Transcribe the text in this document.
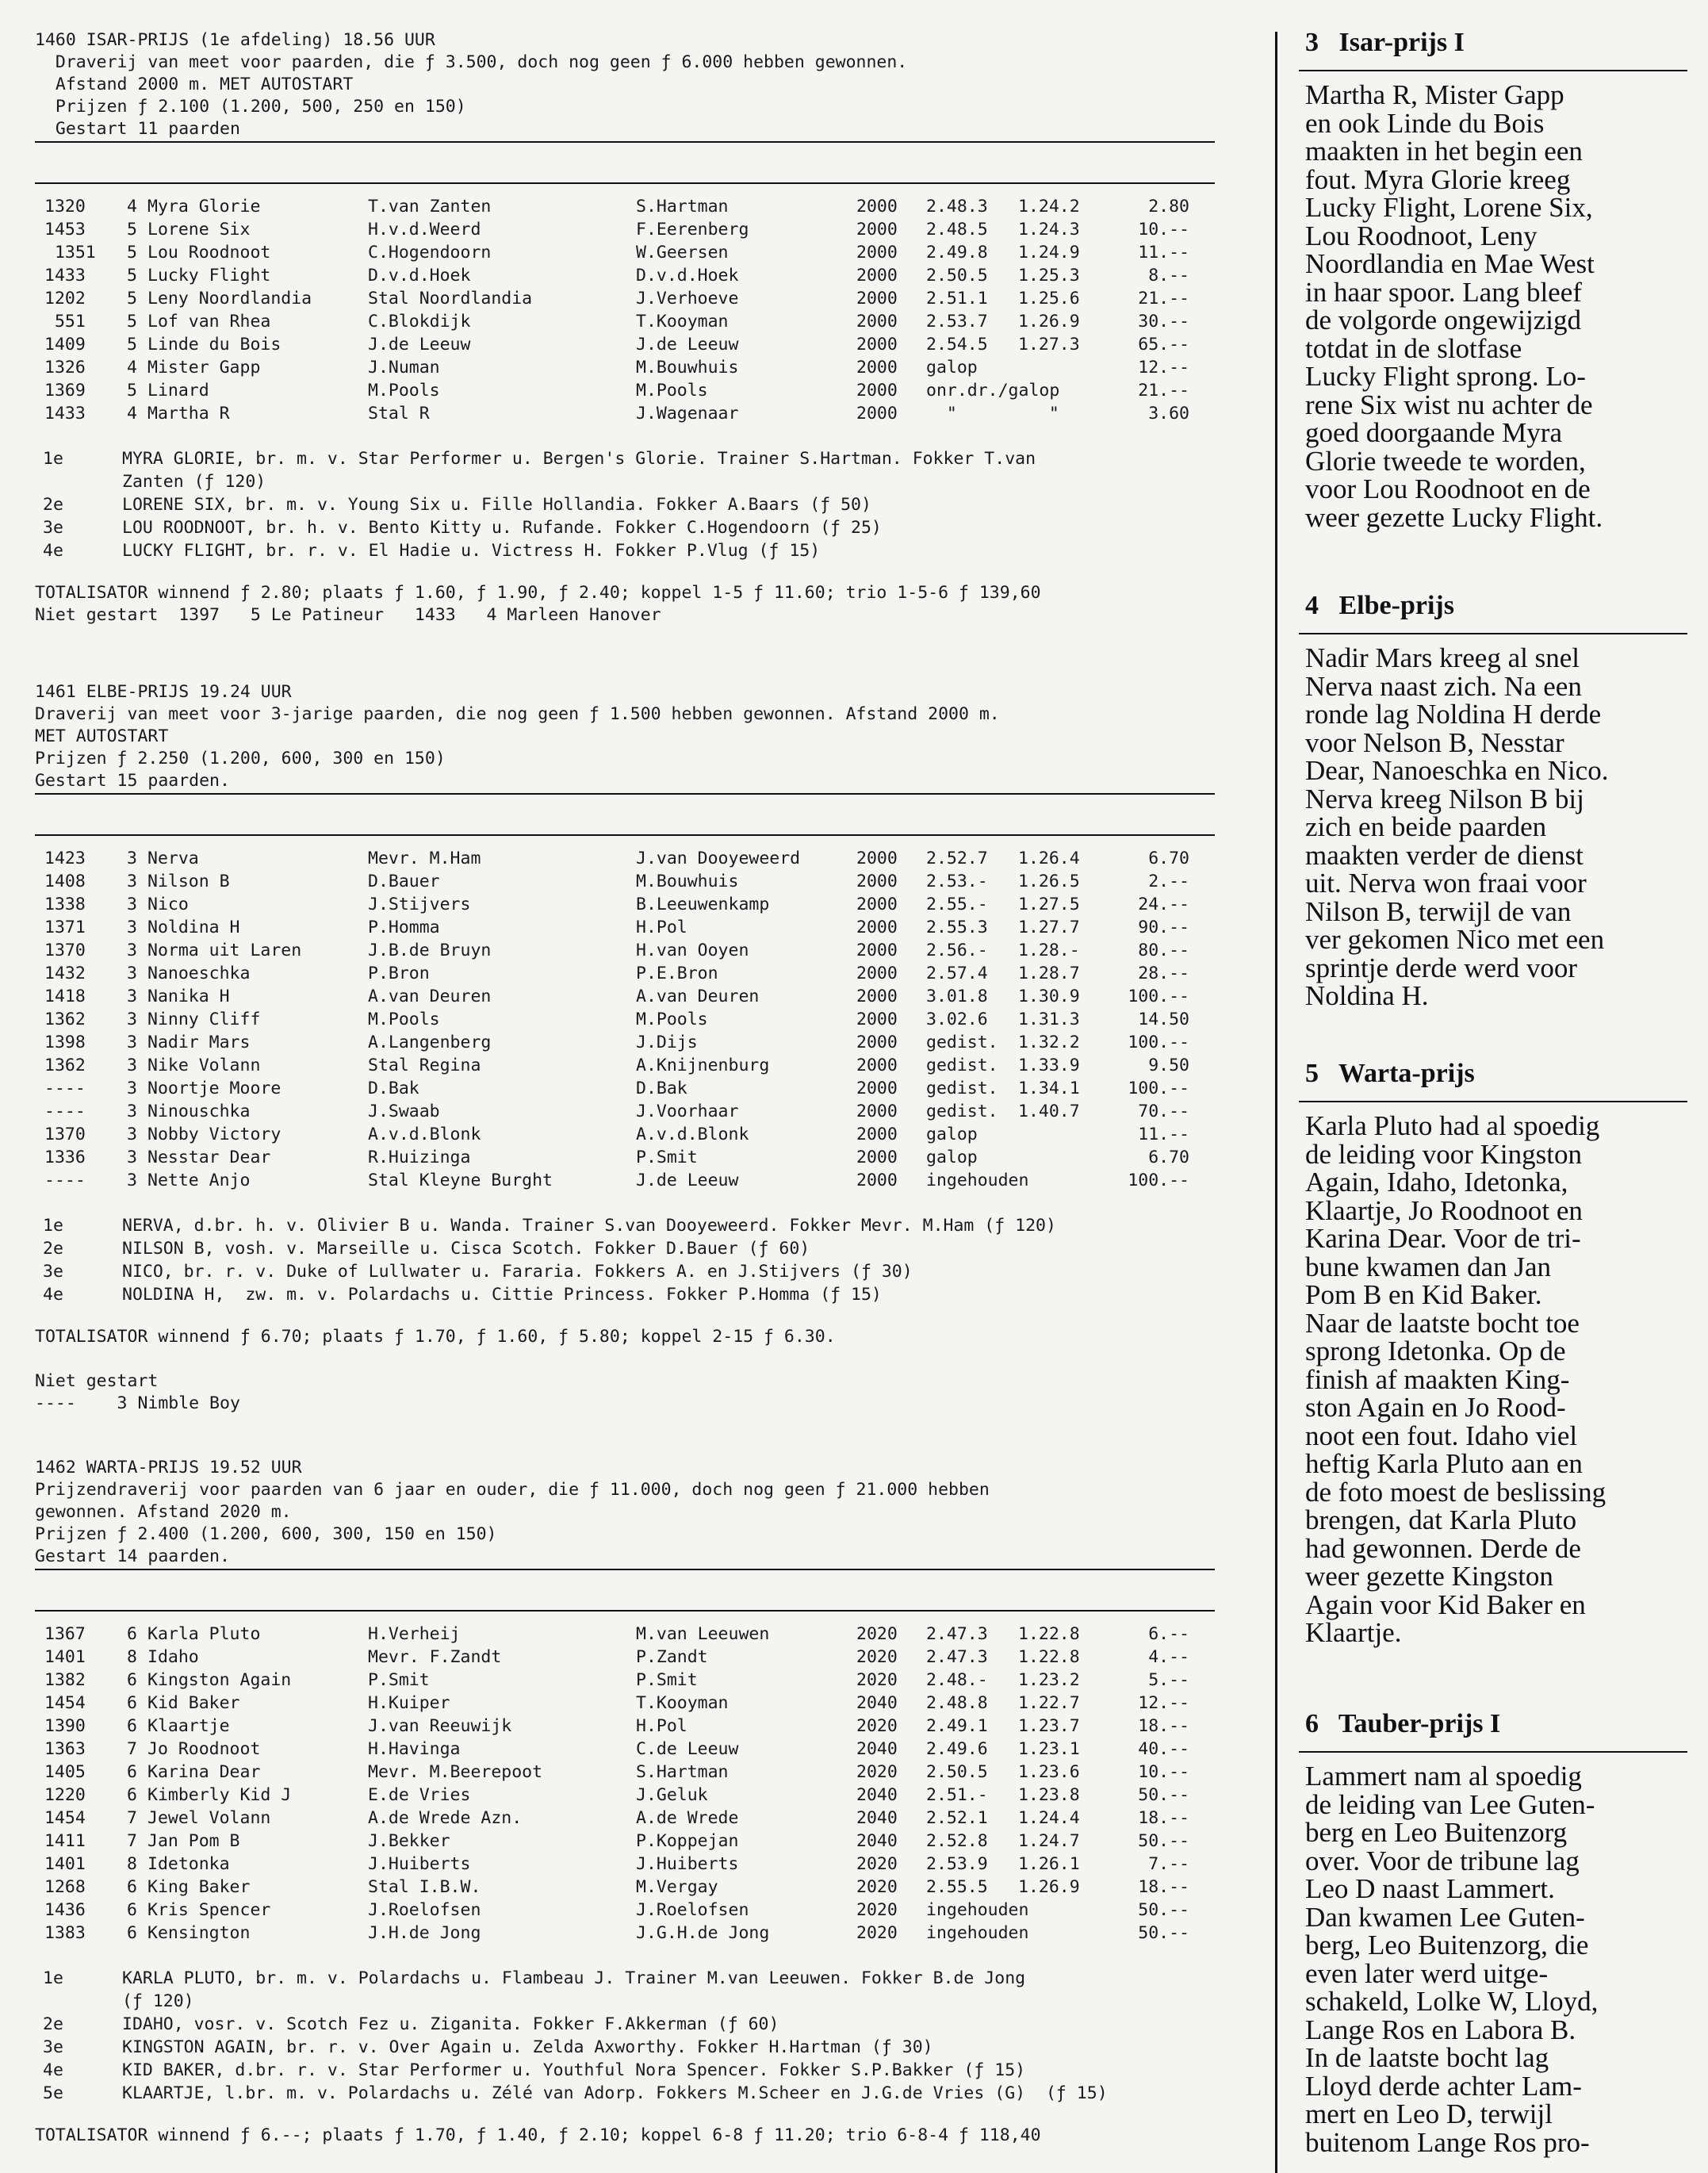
1460 ISAR-PRIJS (1e afdeling) 18.56 UUR
Draverij van meet voor paarden, die ƒ 3.500, doch nog geen ƒ 6.000 hebben gewonnen.
Afstand 2000 m. MET AUTOSTART
Prijzen ƒ 2.100 (1.200, 500, 250 en 150)
Gestart 11 paarden
1320 4 Myra Glorie	T.van Zanten	S.Hartman	2000 2.48.3 1.24.2	2.80
1453 5 Lorene Six	H.v.d.Weerd	F.Eerenberg	2000 2.48.5 1.24.3	10.--
1351 5 Lou Roodnoot	C.Hogendoorn	W.Geersen	2000 2.49.8 1.24.9	11.--
1433 5 Lucky Flight	D.v.d.Hoek	D.v.d.Hoek	2000 2.50.5 1.25.3	8.--
1202 5 Leny Noordlandia	Stal Noordlandia	J.Verhoeve	2000 2.51.1 1.25.6	21.--
551 5 Lof van Rhea	C.Blokdijk	T.Kooyman	2000 2.53.7 1.26.9	30.--
1409 5 Linde du Bois	J.de Leeuw	J.de Leeuw	2000 2.54.5 1.27.3	65.--
1326 4 Mister Gapp	J.Numan	M.Bouwhuis	2000 galop	12.--
1369 5 Linard	M.Pools	M.Pools	2000 onr.dr./galop	21.--
1433 4 Martha R	Stal R	J.Wagenaar	2000 "	"	3.60
1e	MYRA GLORIE, br. m. v. Star Performer u. Bergen's Glorie. Trainer S.Hartman. Fokker T.van
Zanten (ƒ 120)
2e	LORENE SIX, br. m. v. Young Six u. Fille Hollandia. Fokker A.Baars (ƒ 50)
3e	LOU ROODNOOT, br. h. v. Bento Kitty u. Rufande. Fokker C.Hogendoorn (ƒ 25)
4e	LUCKY FLIGHT, br. r. v. El Hadie u. Victress H. Fokker P.Vlug (ƒ 15)
TOTALISATOR winnend ƒ 2.80; plaats ƒ 1.60, ƒ 1.90, ƒ 2.40; koppel 1-5 ƒ 11.60; trio 1-5-6 ƒ 139,60
Niet gestart  1397   5 Le Patineur   1433   4 Marleen Hanover
1461 ELBE-PRIJS 19.24 UUR
Draverij van meet voor 3-jarige paarden, die nog geen ƒ 1.500 hebben gewonnen. Afstand 2000 m.
MET AUTOSTART
Prijzen ƒ 2.250 (1.200, 600, 300 en 150)
Gestart 15 paarden.
1423 3 Nerva	Mevr. M.Ham	J.van Dooyeweerd	2000 2.52.7 1.26.4	6.70
1408 3 Nilson B	D.Bauer	M.Bouwhuis	2000 2.53.- 1.26.5	2.--
1338 3 Nico	J.Stijvers	B.Leeuwenkamp	2000 2.55.- 1.27.5	24.--
1371 3 Noldina H	P.Homma	H.Pol	2000 2.55.3 1.27.7	90.--
1370 3 Norma uit Laren	J.B.de Bruyn	H.van Ooyen	2000 2.56.- 1.28.-	80.--
1432 3 Nanoeschka	P.Bron	P.E.Bron	2000 2.57.4 1.28.7	28.--
1418 3 Nanika H	A.van Deuren	A.van Deuren	2000 3.01.8 1.30.9	100.--
1362 3 Ninny Cliff	M.Pools	M.Pools	2000 3.02.6 1.31.3	14.50
1398 3 Nadir Mars	A.Langenberg	J.Dijs	2000 gedist. 1.32.2	100.--
1362 3 Nike Volann	Stal Regina	A.Knijnenburg	2000 gedist. 1.33.9	9.50
---- 3 Noortje Moore	D.Bak	D.Bak	2000 gedist. 1.34.1	100.--
---- 3 Ninouschka	J.Swaab	J.Voorhaar	2000 gedist. 1.40.7	70.--
1370 3 Nobby Victory	A.v.d.Blonk	A.v.d.Blonk	2000 galop	11.--
1336 3 Nesstar Dear	R.Huizinga	P.Smit	2000 galop	6.70
---- 3 Nette Anjo	Stal Kleyne Burght	J.de Leeuw	2000 ingehouden	100.--
1e	NERVA, d.br. h. v. Olivier B u. Wanda. Trainer S.van Dooyeweerd. Fokker Mevr. M.Ham (ƒ 120)
2e	NILSON B, vosh. v. Marseille u. Cisca Scotch. Fokker D.Bauer (ƒ 60)
3e	NICO, br. r. v. Duke of Lullwater u. Fararia. Fokkers A. en J.Stijvers (ƒ 30)
4e	NOLDINA H,  zw. m. v. Polardachs u. Cittie Princess. Fokker P.Homma (ƒ 15)
TOTALISATOR winnend ƒ 6.70; plaats ƒ 1.70, ƒ 1.60, ƒ 5.80; koppel 2-15 ƒ 6.30.
Niet gestart
----    3 Nimble Boy
1462 WARTA-PRIJS 19.52 UUR
Prijzendraverij voor paarden van 6 jaar en ouder, die ƒ 11.000, doch nog geen ƒ 21.000 hebben
gewonnen. Afstand 2020 m.
Prijzen ƒ 2.400 (1.200, 600, 300, 150 en 150)
Gestart 14 paarden.
1367 6 Karla Pluto	H.Verheij	M.van Leeuwen	2020 2.47.3 1.22.8	6.--
1401 8 Idaho	Mevr. F.Zandt	P.Zandt	2020 2.47.3 1.22.8	4.--
1382 6 Kingston Again	P.Smit	P.Smit	2020 2.48.- 1.23.2	5.--
1454 6 Kid Baker	H.Kuiper	T.Kooyman	2040 2.48.8 1.22.7	12.--
1390 6 Klaartje	J.van Reeuwijk	H.Pol	2020 2.49.1 1.23.7	18.--
1363 7 Jo Roodnoot	H.Havinga	C.de Leeuw	2040 2.49.6 1.23.1	40.--
1405 6 Karina Dear	Mevr. M.Beerepoot	S.Hartman	2020 2.50.5 1.23.6	10.--
1220 6 Kimberly Kid J	E.de Vries	J.Geluk	2040 2.51.- 1.23.8	50.--
1454 7 Jewel Volann	A.de Wrede Azn.	A.de Wrede	2040 2.52.1 1.24.4	18.--
1411 7 Jan Pom B	J.Bekker	P.Koppejan	2040 2.52.8 1.24.7	50.--
1401 8 Idetonka	J.Huiberts	J.Huiberts	2020 2.53.9 1.26.1	7.--
1268 6 King Baker	Stal I.B.W.	M.Vergay	2020 2.55.5 1.26.9	18.--
1436 6 Kris Spencer	J.Roelofsen	J.Roelofsen	2020 ingehouden	50.--
1383 6 Kensington	J.H.de Jong	J.G.H.de Jong	2020 ingehouden	50.--
1e	KARLA PLUTO, br. m. v. Polardachs u. Flambeau J. Trainer M.van Leeuwen. Fokker B.de Jong
(ƒ 120)
2e	IDAHO, vosr. v. Scotch Fez u. Ziganita. Fokker F.Akkerman (ƒ 60)
3e	KINGSTON AGAIN, br. r. v. Over Again u. Zelda Axworthy. Fokker H.Hartman (ƒ 30)
4e	KID BAKER, d.br. r. v. Star Performer u. Youthful Nora Spencer. Fokker S.P.Bakker (ƒ 15)
5e	KLAARTJE, l.br. m. v. Polardachs u. Zélé van Adorp. Fokkers M.Scheer en J.G.de Vries (G)  (ƒ 15)
TOTALISATOR winnend ƒ 6.--; plaats ƒ 1.70, ƒ 1.40, ƒ 2.10; koppel 6-8 ƒ 11.20; trio 6-8-4 ƒ 118,40
3   Isar-prijs I
Martha R, Mister Gapp
en ook Linde du Bois
maakten in het begin een
fout. Myra Glorie kreeg
Lucky Flight, Lorene Six,
Lou Roodnoot, Leny
Noordlandia en Mae West
in haar spoor. Lang bleef
de volgorde ongewijzigd
totdat in de slotfase
Lucky Flight sprong. Lo-
rene Six wist nu achter de
goed doorgaande Myra
Glorie tweede te worden,
voor Lou Roodnoot en de
weer gezette Lucky Flight.
4   Elbe-prijs
Nadir Mars kreeg al snel
Nerva naast zich. Na een
ronde lag Noldina H derde
voor Nelson B, Nesstar
Dear, Nanoeschka en Nico.
Nerva kreeg Nilson B bij
zich en beide paarden
maakten verder de dienst
uit. Nerva won fraai voor
Nilson B, terwijl de van
ver gekomen Nico met een
sprintje derde werd voor
Noldina H.
5   Warta-prijs
Karla Pluto had al spoedig
de leiding voor Kingston
Again, Idaho, Idetonka,
Klaartje, Jo Roodnoot en
Karina Dear. Voor de tri-
bune kwamen dan Jan
Pom B en Kid Baker.
Naar de laatste bocht toe
sprong Idetonka. Op de
finish af maakten King-
ston Again en Jo Rood-
noot een fout. Idaho viel
heftig Karla Pluto aan en
de foto moest de beslissing
brengen, dat Karla Pluto
had gewonnen. Derde de
weer gezette Kingston
Again voor Kid Baker en
Klaartje.
6   Tauber-prijs I
Lammert nam al spoedig
de leiding van Lee Guten-
berg en Leo Buitenzorg
over. Voor de tribune lag
Leo D naast Lammert.
Dan kwamen Lee Guten-
berg, Leo Buitenzorg, die
even later werd uitge-
schakeld, Lolke W, Lloyd,
Lange Ros en Labora B.
In de laatste bocht lag
Lloyd derde achter Lam-
mert en Leo D, terwijl
buitenom Lange Ros pro-
